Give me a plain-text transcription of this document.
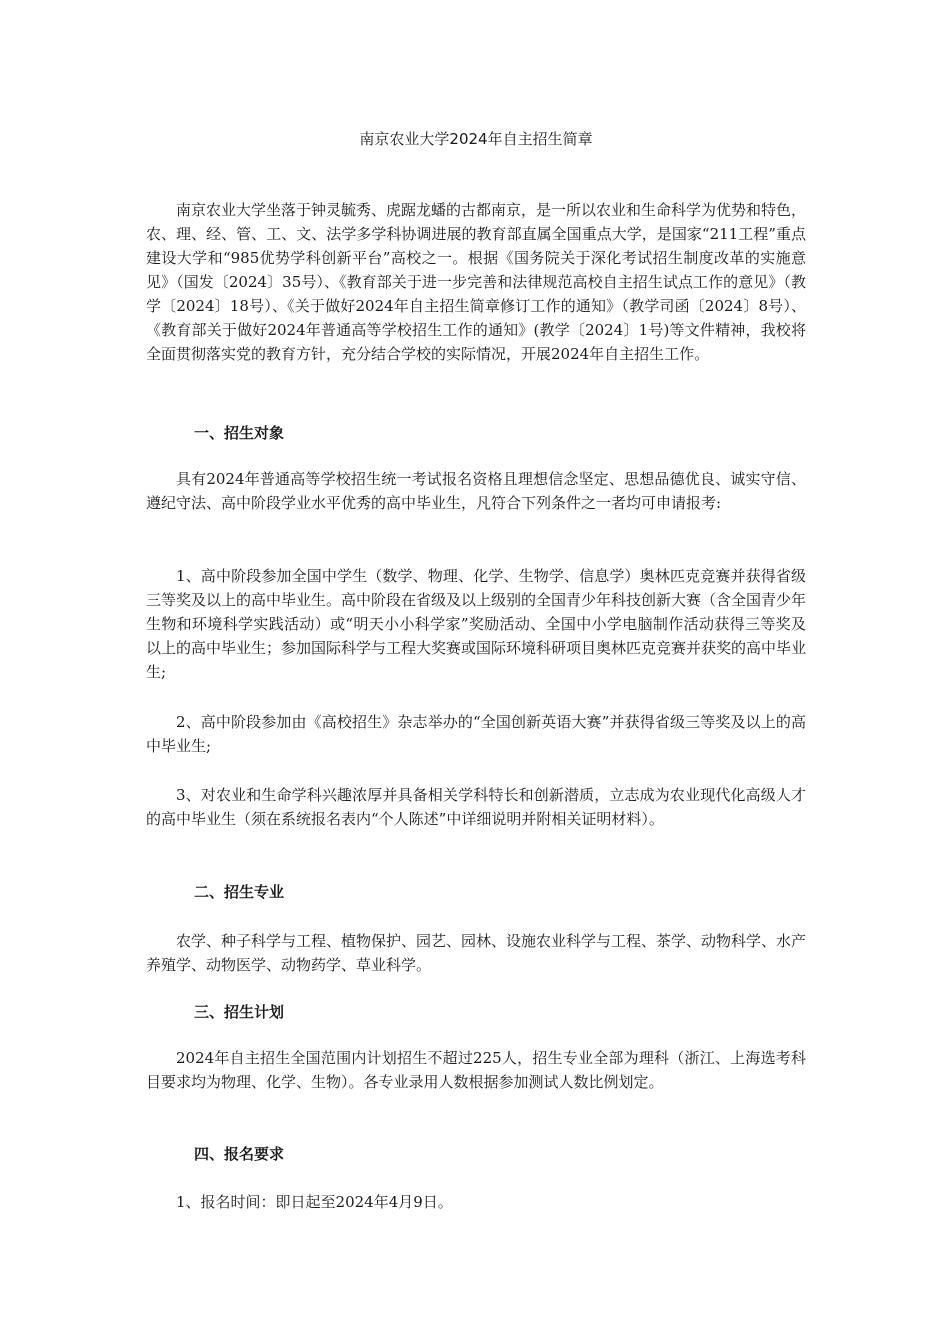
南京农业大学2024年自主招生简章

南京农业大学坐落于钟灵毓秀、虎踞龙蟠的古都南京，是一所以农业和生命科学为优势和特色，农、理、经、管、工、文、法学多学科协调进展的教育部直属全国重点大学，是国家“211工程”重点建设大学和“985优势学科创新平台”高校之一。根据《国务院关于深化考试招生制度改革的实施意见》（国发〔2024〕35号）、《教育部关于进一步完善和法律规范高校自主招生试点工作的意见》（教学〔2024〕18号）、《关于做好2024年自主招生简章修订工作的通知》（教学司函〔2024〕8号）、《教育部关于做好2024年普通高等学校招生工作的通知》(教学〔2024〕1号)等文件精神，我校将全面贯彻落实党的教育方针，充分结合学校的实际情况，开展2024年自主招生工作。

一、招生对象

具有2024年普通高等学校招生统一考试报名资格且理想信念坚定、思想品德优良、诚实守信、遵纪守法、高中阶段学业水平优秀的高中毕业生，凡符合下列条件之一者均可申请报考:

1、高中阶段参加全国中学生（数学、物理、化学、生物学、信息学）奥林匹克竞赛并获得省级三等奖及以上的高中毕业生。高中阶段在省级及以上级别的全国青少年科技创新大赛（含全国青少年生物和环境科学实践活动）或“明天小小科学家”奖励活动、全国中小学电脑制作活动获得三等奖及以上的高中毕业生；参加国际科学与工程大奖赛或国际环境科研项目奥林匹克竞赛并获奖的高中毕业生;

2、高中阶段参加由《高校招生》杂志举办的“全国创新英语大赛”并获得省级三等奖及以上的高中毕业生;

3、对农业和生命学科兴趣浓厚并具备相关学科特长和创新潜质，立志成为农业现代化高级人才的高中毕业生（须在系统报名表内“个人陈述”中详细说明并附相关证明材料）。

二、招生专业

农学、种子科学与工程、植物保护、园艺、园林、设施农业科学与工程、茶学、动物科学、水产养殖学、动物医学、动物药学、草业科学。

三、招生计划

2024年自主招生全国范围内计划招生不超过225人，招生专业全部为理科（浙江、上海选考科目要求均为物理、化学、生物）。各专业录用人数根据参加测试人数比例划定。

四、报名要求

1、报名时间：即日起至2024年4月9日。
